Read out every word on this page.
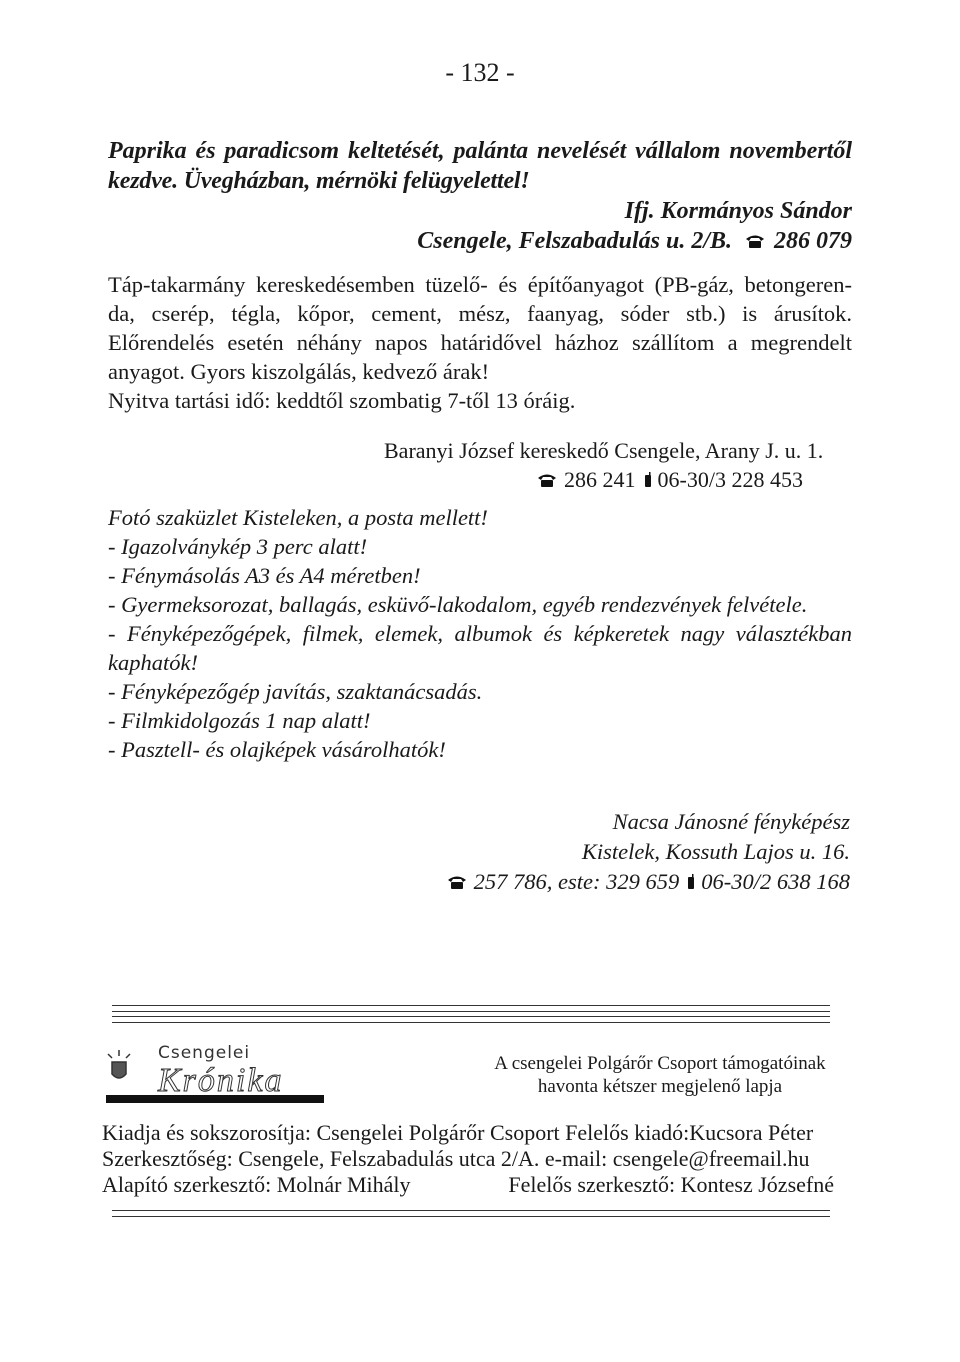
- 132 -
Paprika és paradicsom keltetését, palánta nevelését vállalom novembertől
kezdve. Üvegházban, mérnöki felügyelettel!
Ifj. Kormányos Sándor
Csengele, Felszabadulás u. 2/B. 286 079

Táp-takarmány kereskedésemben tüzelő- és építőanyagot (PB-gáz, betongeren-

da, cserép, tégla, kőpor, cement, mész, faanyag, sóder stb.) is árusítok.

Előrendelés esetén néhány napos határidővel házhoz szállítom a megrendelt

anyagot. Gyors kiszolgálás, kedvező árak!

Nyitva tartási idő: keddtől szombatig 7-től 13 óráig.

Baranyi József kereskedő Csengele, Arany J. u. 1.
286 241 06-30/3 228 453

Fotó szaküzlet Kisteleken, a posta mellett!

- Igazolványkép 3 perc alatt!

- Fénymásolás A3 és A4 méretben!

- Gyermeksorozat, ballagás, esküvő-lakodalom, egyéb rendezvények felvétele.

- Fényképezőgépek, filmek, elemek, albumok és képkeretek nagy választékban

kaphatók!

- Fényképezőgép javítás, szaktanácsadás.

- Filmkidolgozás 1 nap alatt!

- Pasztell- és olajképek vásárolhatók!

Nacsa Jánosné fényképész
Kistelek, Kossuth Lajos u. 16.
257 786, este: 329 659 06-30/2 638 168
Csengelei
Krónika	A csengelei Polgárőr Csoport támogatóinak
havonta kétszer megjelenő lapja

Kiadja és sokszorosítja: Csengelei Polgárőr Csoport Felelős kiadó:Kucsora Péter

Szerkesztőség: Csengele, Felszabadulás utca 2/A. e-mail: csengele@freemail.hu

Alapító szerkesztő: Molnár Mihály	Felelős szerkesztő: Kontesz Józsefné
